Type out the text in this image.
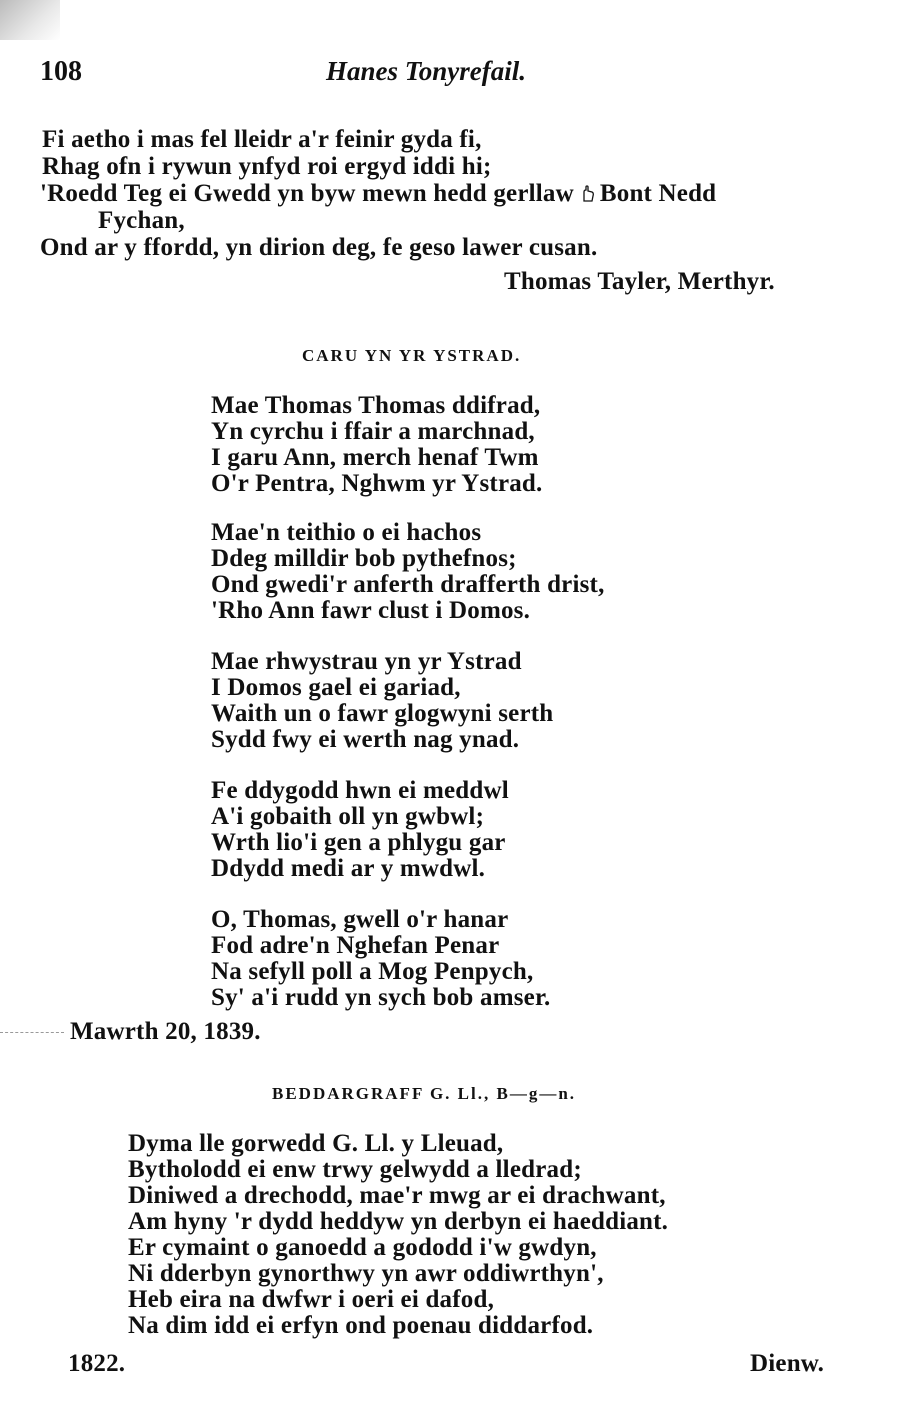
108	Hanes Tonyrefail.
Fi aetho i mas fel lleidr a'r feinir gyda fi,
Rhag ofn i rywun ynfyd roi ergyd iddi hi;
'Roedd Teg ei Gwedd yn byw mewn hedd gerllaw Bont Nedd
Fychan,
Ond ar y ffordd, yn dirion deg, fe geso lawer cusan.
Thomas Tayler, Merthyr.
CARU YN YR YSTRAD.
Mae Thomas Thomas ddifrad,
Yn cyrchu i ffair a marchnad,
I garu Ann, merch henaf Twm
O'r Pentra, Nghwm yr Ystrad.
Mae'n teithio o ei hachos
Ddeg milldir bob pythefnos;
Ond gwedi'r anferth drafferth drist,
'Rho Ann fawr clust i Domos.
Mae rhwystrau yn yr Ystrad
I Domos gael ei gariad,
Waith un o fawr glogwyni serth
Sydd fwy ei werth nag ynad.
Fe ddygodd hwn ei meddwl
A'i gobaith oll yn gwbwl;
Wrth lio'i gen a phlygu gar
Ddydd medi ar y mwdwl.
O, Thomas, gwell o'r hanar
Fod adre'n Nghefan Penar
Na sefyll poll a Mog Penpych,
Sy' a'i rudd yn sych bob amser.
Mawrth 20, 1839.
BEDDARGRAFF G. Ll., B—g—n.
Dyma lle gorwedd G. Ll. y Lleuad,
Bytholodd ei enw trwy gelwydd a lledrad;
Diniwed a drechodd, mae'r mwg ar ei drachwant,
Am hyny 'r dydd heddyw yn derbyn ei haeddiant.
Er cymaint o ganoedd a gododd i'w gwdyn,
Ni dderbyn gynorthwy yn awr oddiwrthyn',
Heb eira na dwfwr i oeri ei dafod,
Na dim idd ei erfyn ond poenau diddarfod.
1822.	Dienw.
